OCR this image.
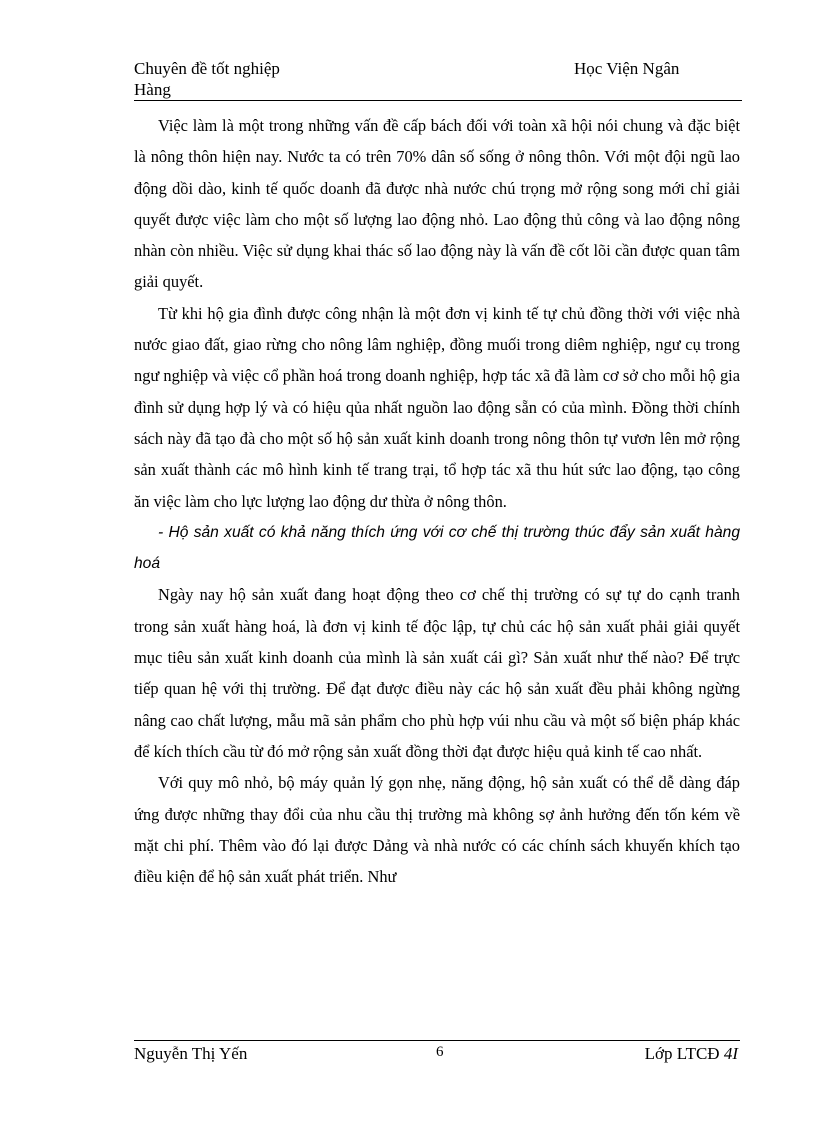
Chuyên đề tốt nghiệp Hàng
Học Viện Ngân

Việc làm là một trong những vấn đề cấp bách đối với toàn xã hội nói chung và đặc biệt là nông thôn hiện nay. Nước ta có trên 70% dân số sống ở nông thôn. Với một đội ngũ lao động dồi dào, kinh tế quốc doanh đã được nhà nước chú trọng mở rộng song mới chỉ giải quyết được việc làm cho một số lượng lao động nhỏ. Lao động thủ công và lao động nông nhàn còn nhiều. Việc sử dụng khai thác số lao động này là vấn đề cốt lõi cần được quan tâm giải quyết.

Từ khi hộ gia đình được công nhận là một đơn vị kinh tế tự chủ đồng thời với việc nhà nước giao đất, giao rừng cho nông lâm nghiệp, đồng muối trong diêm nghiệp, ngư cụ trong ngư nghiệp và việc cổ phần hoá trong doanh nghiệp, hợp tác xã đã làm cơ sở cho mỗi hộ gia đình sử dụng hợp lý và có hiệu qủa nhất nguồn lao động sẵn có của mình. Đồng thời chính sách này đã tạo đà cho một số hộ sản xuất kinh doanh trong nông thôn tự vươn lên mở rộng sản xuất thành các mô hình kinh tế trang trại, tổ hợp tác xã thu hút sức lao động, tạo công ăn việc làm cho lực lượng lao động dư thừa ở nông thôn.

- Hộ sản xuất có khả năng thích ứng với cơ chế thị trường thúc đẩy sản xuất hàng hoá

Ngày nay hộ sản xuất đang hoạt động theo cơ chế thị trường có sự tự do cạnh tranh trong sản xuất hàng hoá, là đơn vị kinh tế độc lập, tự chủ các hộ sản xuất phải giải quyết mục tiêu sản xuất kinh doanh của mình là sản xuất cái gì? Sản xuất như thế nào? Để trực tiếp quan hệ với thị trường. Để đạt được điều này các hộ sản xuất đều phải không ngừng nâng cao chất lượng, mẫu mã sản phẩm cho phù hợp vúi nhu cầu và một số biện pháp khác để kích thích cầu từ đó mở rộng sản xuất đồng thời đạt được hiệu quả kinh tế cao nhất.

Với quy mô nhỏ, bộ máy quản lý gọn nhẹ, năng động, hộ sản xuất có thể dễ dàng đáp ứng được những thay đổi của nhu cầu thị trường mà không sợ ảnh hưởng đến tốn kém về mặt chi phí. Thêm vào đó lại được Dảng và nhà nước có các chính sách khuyến khích tạo điều kiện để hộ sản xuất phát triển. Như

Nguyễn Thị Yến	6	Lớp LTCĐ 4I
